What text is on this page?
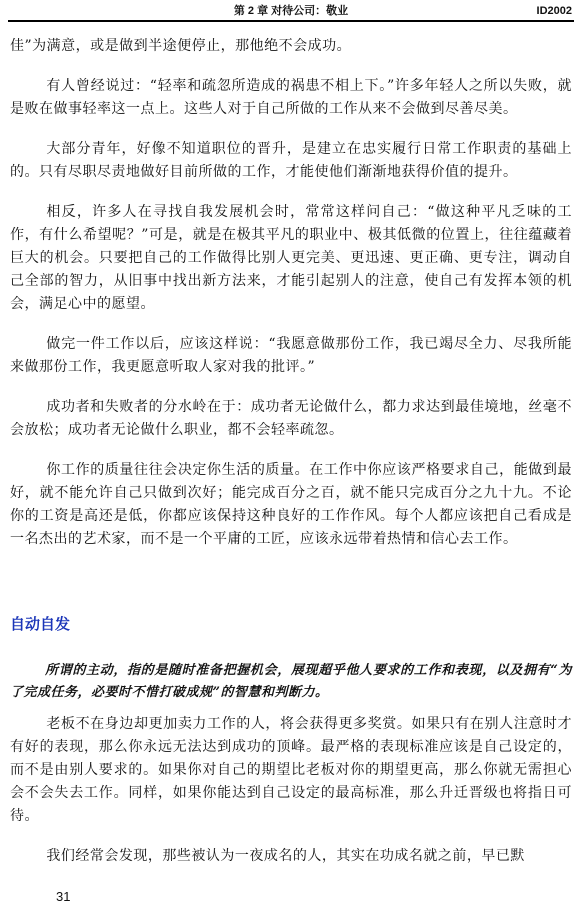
第 2 章 对待公司：敬业	ID2002

佳”为满意，或是做到半途便停止，那他绝不会成功。

有人曾经说过：“轻率和疏忽所造成的祸患不相上下。”许多年轻人之所以失败，就是败在做事轻率这一点上。这些人对于自己所做的工作从来不会做到尽善尽美。

大部分青年，好像不知道职位的晋升，是建立在忠实履行日常工作职责的基础上的。只有尽职尽责地做好目前所做的工作，才能使他们渐渐地获得价值的提升。

相反，许多人在寻找自我发展机会时，常常这样问自己：“做这种平凡乏味的工作，有什么希望呢？”可是，就是在极其平凡的职业中、极其低微的位置上，往往蕴藏着巨大的机会。只要把自己的工作做得比别人更完美、更迅速、更正确、更专注，调动自己全部的智力，从旧事中找出新方法来，才能引起别人的注意，使自己有发挥本领的机会，满足心中的愿望。

做完一件工作以后，应该这样说：“我愿意做那份工作，我已竭尽全力、尽我所能来做那份工作，我更愿意听取人家对我的批评。”

成功者和失败者的分水岭在于：成功者无论做什么，都力求达到最佳境地，丝毫不会放松；成功者无论做什么职业，都不会轻率疏忽。

你工作的质量往往会决定你生活的质量。在工作中你应该严格要求自己，能做到最好，就不能允许自己只做到次好；能完成百分之百，就不能只完成百分之九十九。不论你的工资是高还是低，你都应该保持这种良好的工作作风。每个人都应该把自己看成是一名杰出的艺术家，而不是一个平庸的工匠，应该永远带着热情和信心去工作。

自动自发

所谓的主动，指的是随时准备把握机会，展现超乎他人要求的工作和表现，以及拥有“为了完成任务，必要时不惜打破成规”的智慧和判断力。

老板不在身边却更加卖力工作的人，将会获得更多奖赏。如果只有在别人注意时才有好的表现，那么你永远无法达到成功的顶峰。最严格的表现标准应该是自己设定的，而不是由别人要求的。如果你对自己的期望比老板对你的期望更高，那么你就无需担心会不会失去工作。同样，如果你能达到自己设定的最高标准，那么升迁晋级也将指日可待。

我们经常会发现，那些被认为一夜成名的人，其实在功成名就之前，早已默

31
